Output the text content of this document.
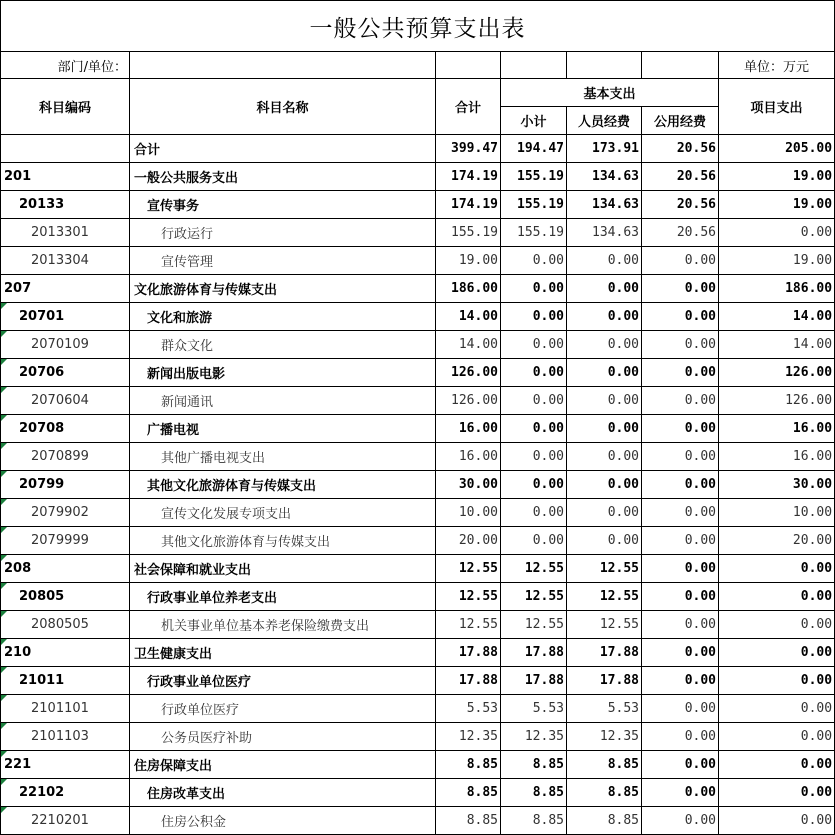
一般公共预算支出表						
部门/单位：						单位：万元
科目编码	科目名称	合计	基本支出			项目支出
			小计	人员经费	公用经费	
	合计	399.47	194.47	173.91	20.56	205.00
201	一般公共服务支出	174.19	155.19	134.63	20.56	19.00
20133	宣传事务	174.19	155.19	134.63	20.56	19.00
2013301	行政运行	155.19	155.19	134.63	20.56	0.00
2013304	宣传管理	19.00	0.00	0.00	0.00	19.00
207	文化旅游体育与传媒支出	186.00	0.00	0.00	0.00	186.00
20701	文化和旅游	14.00	0.00	0.00	0.00	14.00
2070109	群众文化	14.00	0.00	0.00	0.00	14.00
20706	新闻出版电影	126.00	0.00	0.00	0.00	126.00
2070604	新闻通讯	126.00	0.00	0.00	0.00	126.00
20708	广播电视	16.00	0.00	0.00	0.00	16.00
2070899	其他广播电视支出	16.00	0.00	0.00	0.00	16.00
20799	其他文化旅游体育与传媒支出	30.00	0.00	0.00	0.00	30.00
2079902	宣传文化发展专项支出	10.00	0.00	0.00	0.00	10.00
2079999	其他文化旅游体育与传媒支出	20.00	0.00	0.00	0.00	20.00
208	社会保障和就业支出	12.55	12.55	12.55	0.00	0.00
20805	行政事业单位养老支出	12.55	12.55	12.55	0.00	0.00
2080505	机关事业单位基本养老保险缴费支出	12.55	12.55	12.55	0.00	0.00
210	卫生健康支出	17.88	17.88	17.88	0.00	0.00
21011	行政事业单位医疗	17.88	17.88	17.88	0.00	0.00
2101101	行政单位医疗	5.53	5.53	5.53	0.00	0.00
2101103	公务员医疗补助	12.35	12.35	12.35	0.00	0.00
221	住房保障支出	8.85	8.85	8.85	0.00	0.00
22102	住房改革支出	8.85	8.85	8.85	0.00	0.00
2210201	住房公积金	8.85	8.85	8.85	0.00	0.00
